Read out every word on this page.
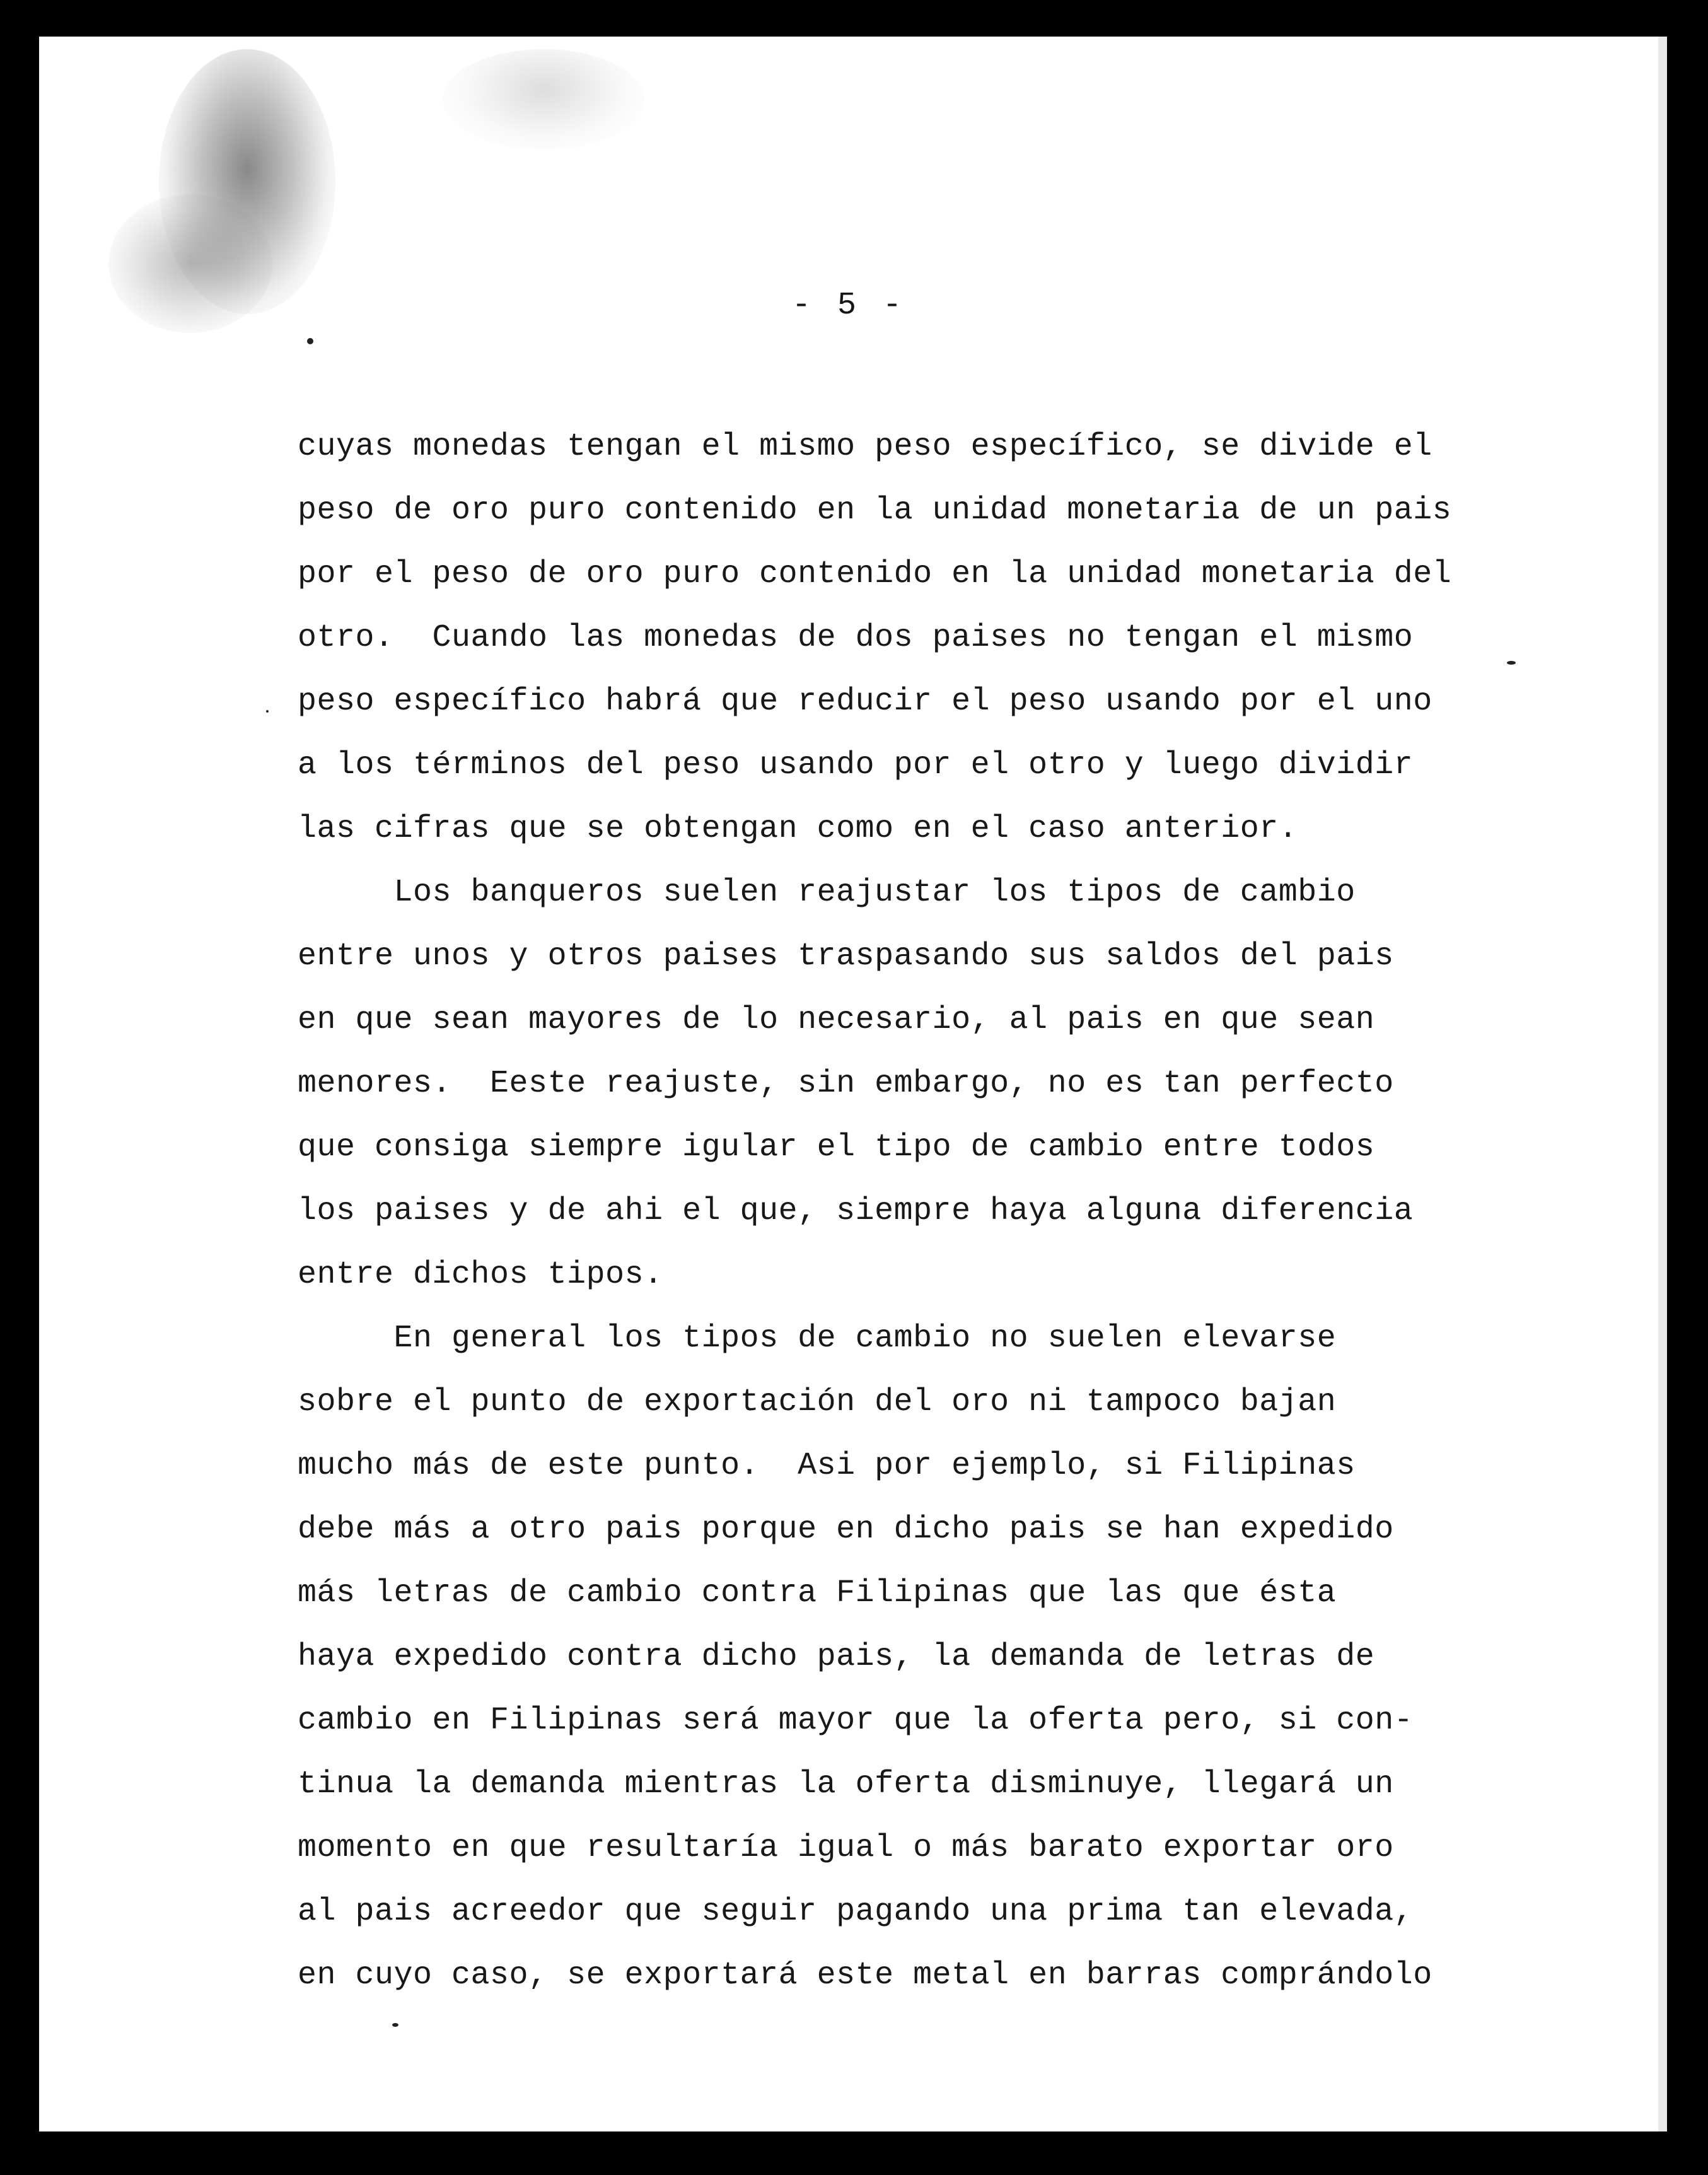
- 5 -
cuyas monedas tengan el mismo peso específico, se divide el
peso de oro puro contenido en la unidad monetaria de un pais
por el peso de oro puro contenido en la unidad monetaria del
otro.  Cuando las monedas de dos paises no tengan el mismo
peso específico habrá que reducir el peso usando por el uno
a los términos del peso usando por el otro y luego dividir
las cifras que se obtengan como en el caso anterior.
Los banqueros suelen reajustar los tipos de cambio
entre unos y otros paises traspasando sus saldos del pais
en que sean mayores de lo necesario, al pais en que sean
menores.  Eeste reajuste, sin embargo, no es tan perfecto
que consiga siempre igular el tipo de cambio entre todos
los paises y de ahi el que, siempre haya alguna diferencia
entre dichos tipos.
En general los tipos de cambio no suelen elevarse
sobre el punto de exportación del oro ni tampoco bajan
mucho más de este punto.  Asi por ejemplo, si Filipinas
debe más a otro pais porque en dicho pais se han expedido
más letras de cambio contra Filipinas que las que ésta
haya expedido contra dicho pais, la demanda de letras de
cambio en Filipinas será mayor que la oferta pero, si con-
tinua la demanda mientras la oferta disminuye, llegará un
momento en que resultaría igual o más barato exportar oro
al pais acreedor que seguir pagando una prima tan elevada,
en cuyo caso, se exportará este metal en barras comprándolo
